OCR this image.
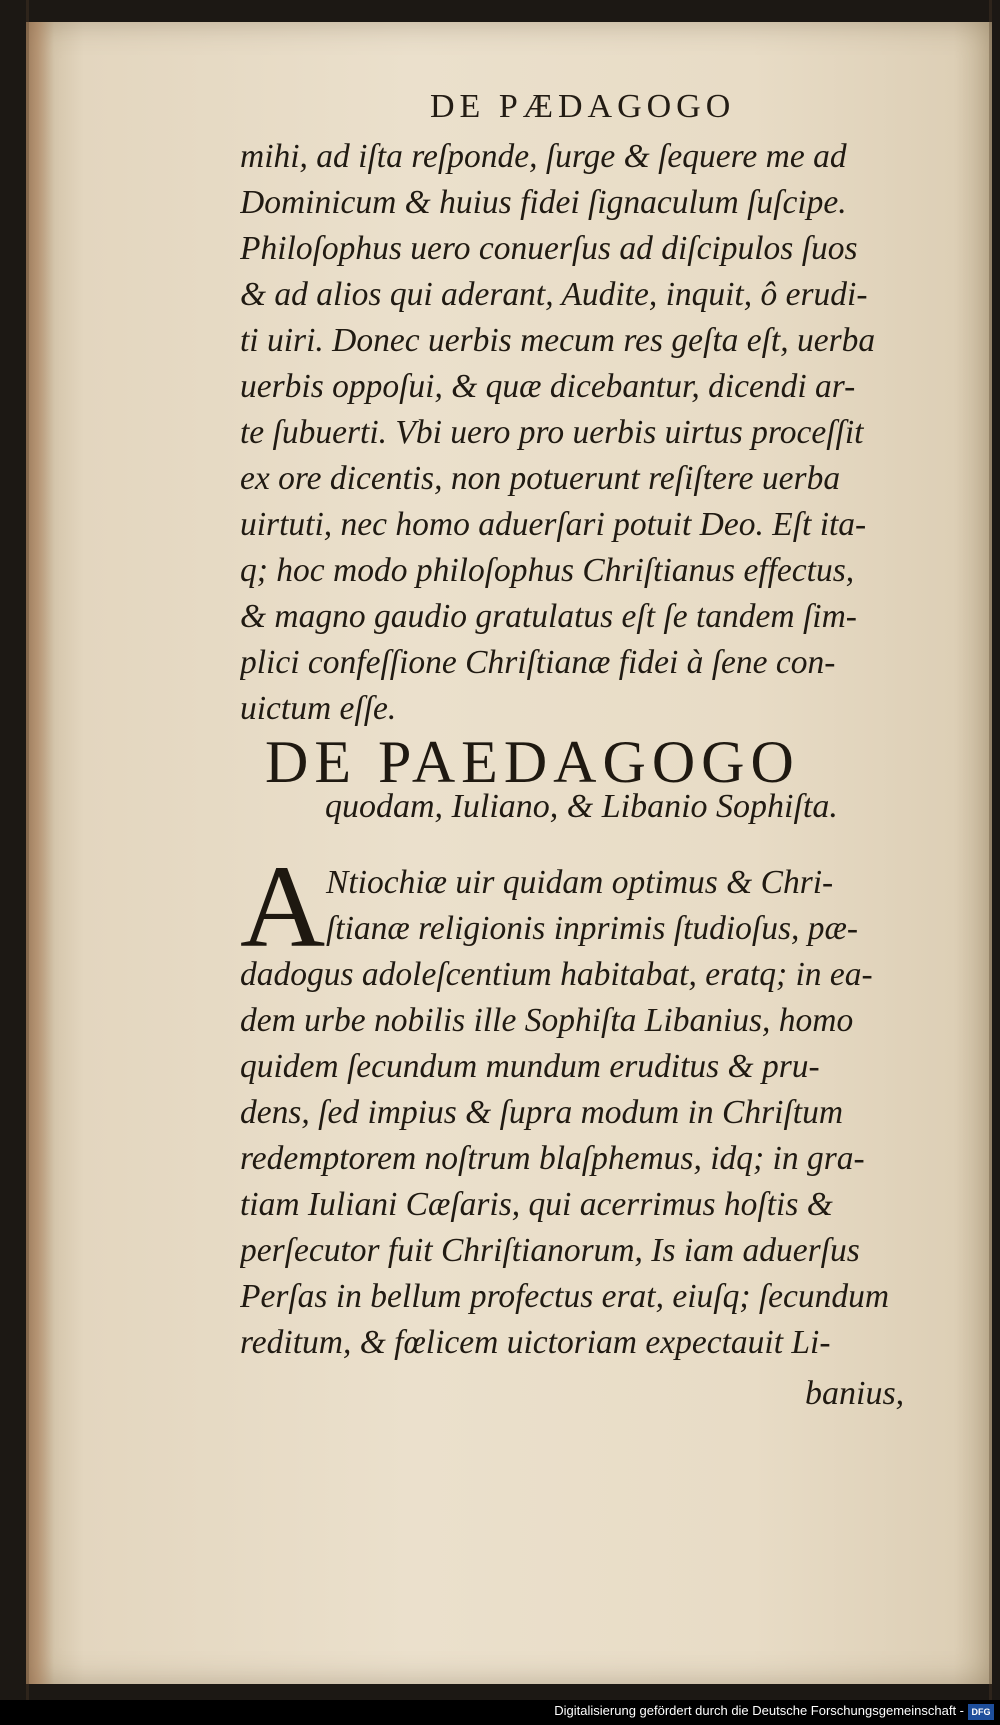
DE PÆDAGOGO
mihi, ad iſta reſponde, ſurge & ſequere me ad
Dominicum & huius fidei ſignaculum ſuſcipe.
Philoſophus uero conuerſus ad diſcipulos ſuos
& ad alios qui aderant, Audite, inquit, ô erudi-
ti uiri. Donec uerbis mecum res geſta eſt, uerba
uerbis oppoſui, & quæ dicebantur, dicendi ar-
te ſubuerti. Vbi uero pro uerbis uirtus proceſſit
ex ore dicentis, non potuerunt reſiſtere uerba
uirtuti, nec homo aduerſari potuit Deo. Eſt ita-
q; hoc modo philoſophus Chriſtianus effectus,
& magno gaudio gratulatus eſt ſe tandem ſim-
plici confeſſione Chriſtianæ fidei à ſene con-
uictum eſſe.
DE PAEDAGOGO
quodam, Iuliano, & Libanio Sophiſta.
A Ntiochiæ uir quidam optimus & Chri-
ſtianæ religionis inprimis ſtudioſus, pæ-
dadogus adoleſcentium habitabat, eratq; in ea-
dem urbe nobilis ille Sophiſta Libanius, homo
quidem ſecundum mundum eruditus & pru-
dens, ſed impius & ſupra modum in Chriſtum
redemptorem noſtrum blaſphemus, idq; in gra-
tiam Iuliani Cæſaris, qui acerrimus hoſtis &
perſecutor fuit Chriſtianorum, Is iam aduerſus
Perſas in bellum profectus erat, eiuſq; ſecundum
reditum, & fœlicem uictoriam expectauit Li-
banius,
Digitalisierung gefördert durch die Deutsche Forschungsgemeinschaft - DFG
